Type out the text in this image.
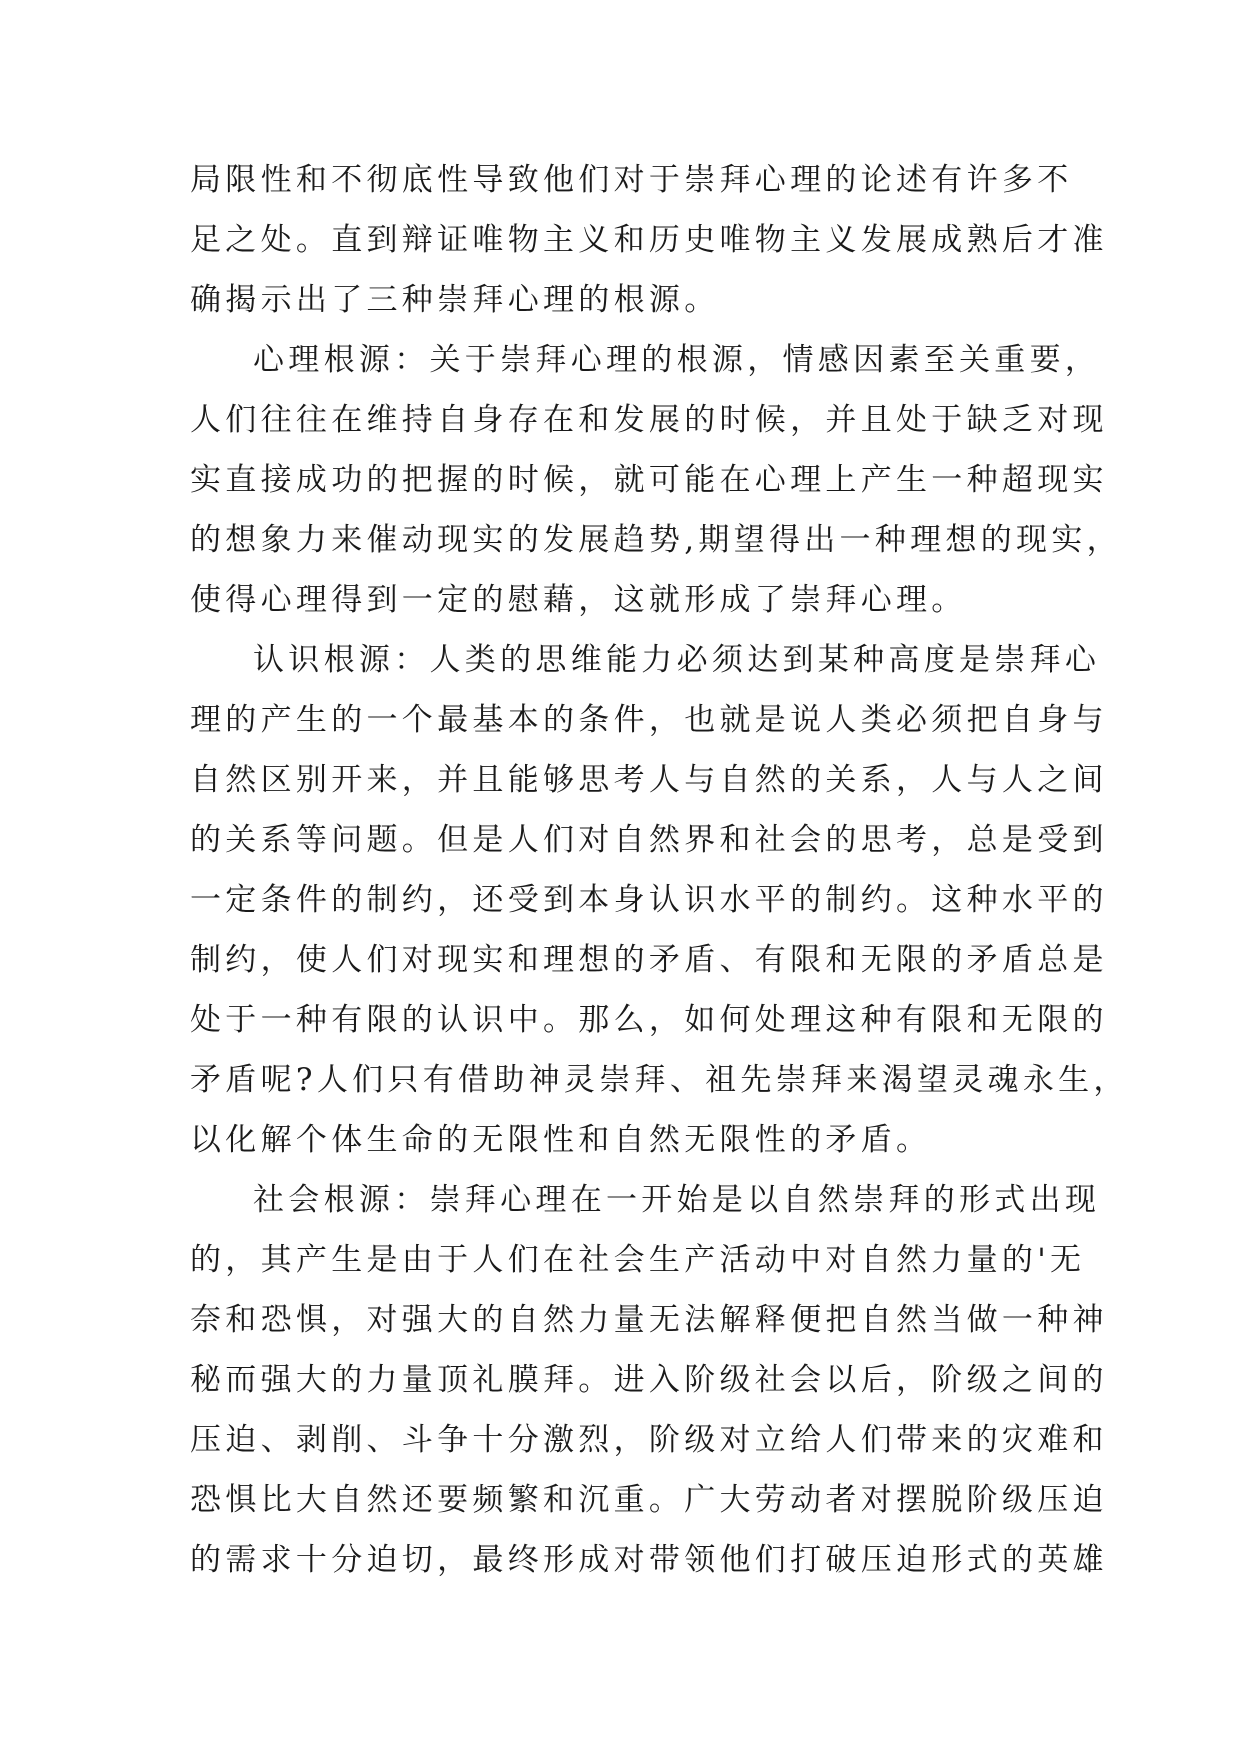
局限性和不彻底性导致他们对于崇拜心理的论述有许多不
足之处。直到辩证唯物主义和历史唯物主义发展成熟后才准
确揭示出了三种崇拜心理的根源。
心理根源：关于崇拜心理的根源，情感因素至关重要，
人们往往在维持自身存在和发展的时候，并且处于缺乏对现
实直接成功的把握的时候，就可能在心理上产生一种超现实
的想象力来催动现实的发展趋势,期望得出一种理想的现实，
使得心理得到一定的慰藉，这就形成了崇拜心理。
认识根源：人类的思维能力必须达到某种高度是崇拜心
理的产生的一个最基本的条件，也就是说人类必须把自身与
自然区别开来，并且能够思考人与自然的关系，人与人之间
的关系等问题。但是人们对自然界和社会的思考，总是受到
一定条件的制约，还受到本身认识水平的制约。这种水平的
制约，使人们对现实和理想的矛盾、有限和无限的矛盾总是
处于一种有限的认识中。那么，如何处理这种有限和无限的
矛盾呢?人们只有借助神灵崇拜、祖先崇拜来渴望灵魂永生，
以化解个体生命的无限性和自然无限性的矛盾。
社会根源：崇拜心理在一开始是以自然崇拜的形式出现
的，其产生是由于人们在社会生产活动中对自然力量的'无
奈和恐惧，对强大的自然力量无法解释便把自然当做一种神
秘而强大的力量顶礼膜拜。进入阶级社会以后，阶级之间的
压迫、剥削、斗争十分激烈，阶级对立给人们带来的灾难和
恐惧比大自然还要频繁和沉重。广大劳动者对摆脱阶级压迫
的需求十分迫切，最终形成对带领他们打破压迫形式的英雄
